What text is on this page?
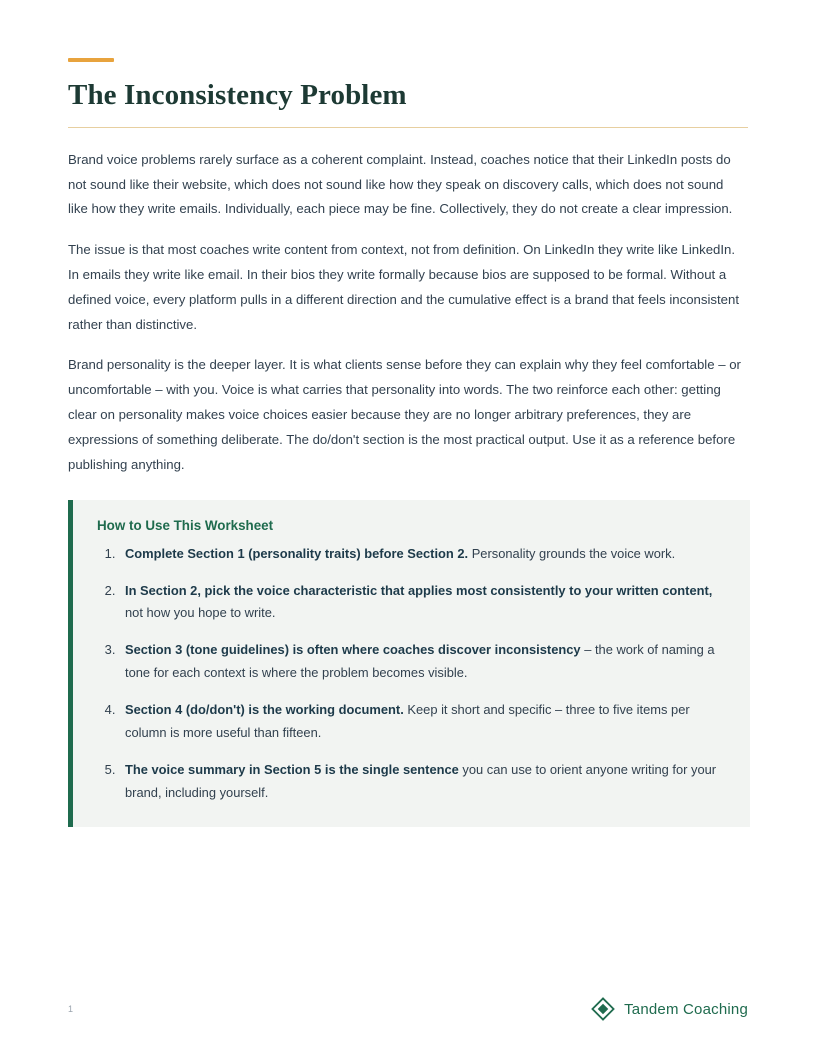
The Inconsistency Problem

Brand voice problems rarely surface as a coherent complaint. Instead, coaches notice that their LinkedIn posts do not sound like their website, which does not sound like how they speak on discovery calls, which does not sound like how they write emails. Individually, each piece may be fine. Collectively, they do not create a clear impression.

The issue is that most coaches write content from context, not from definition. On LinkedIn they write like LinkedIn. In emails they write like email. In their bios they write formally because bios are supposed to be formal. Without a defined voice, every platform pulls in a different direction and the cumulative effect is a brand that feels inconsistent rather than distinctive.

Brand personality is the deeper layer. It is what clients sense before they can explain why they feel comfortable – or uncomfortable – with you. Voice is what carries that personality into words. The two reinforce each other: getting clear on personality makes voice choices easier because they are no longer arbitrary preferences, they are expressions of something deliberate. The do/don't section is the most practical output. Use it as a reference before publishing anything.

How to Use This Worksheet
1. Complete Section 1 (personality traits) before Section 2. Personality grounds the voice work.
2. In Section 2, pick the voice characteristic that applies most consistently to your written content, not how you hope to write.
3. Section 3 (tone guidelines) is often where coaches discover inconsistency – the work of naming a tone for each context is where the problem becomes visible.
4. Section 4 (do/don't) is the working document. Keep it short and specific – three to five items per column is more useful than fifteen.
5. The voice summary in Section 5 is the single sentence you can use to orient anyone writing for your brand, including yourself.
1	Tandem Coaching
